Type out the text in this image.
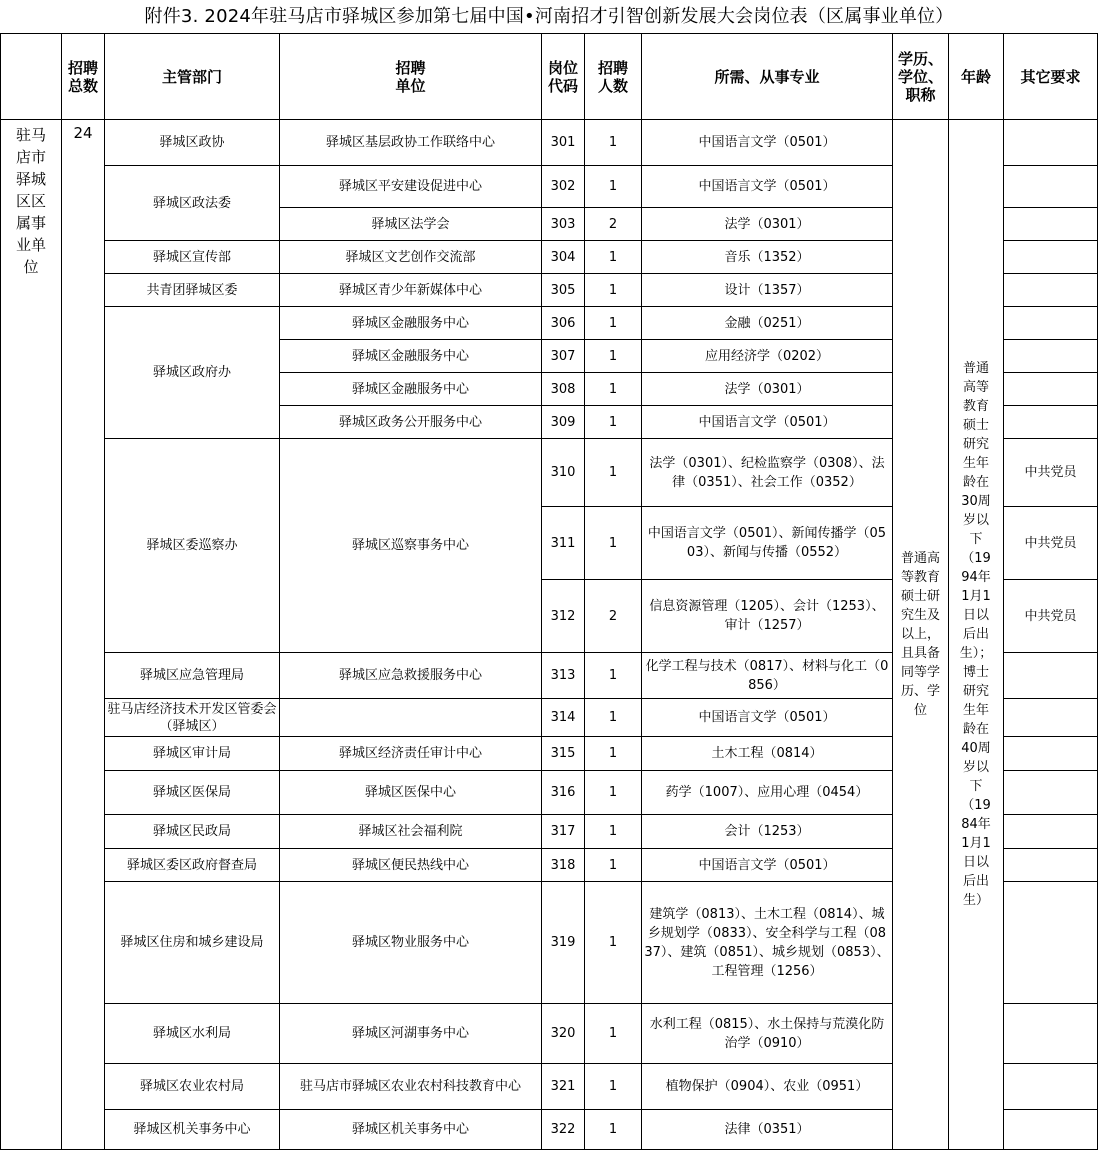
附件3. 2024年驻马店市驿城区参加第七届中国•河南招才引智创新发展大会岗位表（区属事业单位）
	招聘总数	主管部门	招聘单位	岗位代码	招聘人数	所需、从事专业	学历、学位、职称	年龄	其它要求
驻马店市驿城区区属事业单位	24	驿城区政协	驿城区基层政协工作联络中心	301	1	中国语言文学（0501）	普通高等教育硕士研究生及以上，且具备同等学历、学位	普通高等教育硕士研究生年龄在30周岁以下（1994年1月1日以后出生）；博士研究生年龄在40周岁以下（1984年1月1日以后出生）	
		驿城区政法委	驿城区平安建设促进中心	302	1	中国语言文学（0501）			
			驿城区法学会	303	2	法学（0301）			
		驿城区宣传部	驿城区文艺创作交流部	304	1	音乐（1352）			
		共青团驿城区委	驿城区青少年新媒体中心	305	1	设计（1357）			
		驿城区政府办	驿城区金融服务中心	306	1	金融（0251）			
			驿城区金融服务中心	307	1	应用经济学（0202）			
			驿城区金融服务中心	308	1	法学（0301）			
			驿城区政务公开服务中心	309	1	中国语言文学（0501）			
		驿城区委巡察办	驿城区巡察事务中心	310	1	法学（0301）、纪检监察学（0308）、法律（0351）、社会工作（0352）			中共党员
				311	1	中国语言文学（0501）、新闻传播学（0503）、新闻与传播（0552）			中共党员
				312	2	信息资源管理（1205）、会计（1253）、审计（1257）			中共党员
		驿城区应急管理局	驿城区应急救援服务中心	313	1	化学工程与技术（0817）、材料与化工（0856）			
		驻马店经济技术开发区管委会（驿城区）		314	1	中国语言文学（0501）			
		驿城区审计局	驿城区经济责任审计中心	315	1	土木工程（0814）			
		驿城区医保局	驿城区医保中心	316	1	药学（1007）、应用心理（0454）			
		驿城区民政局	驿城区社会福利院	317	1	会计（1253）			
		驿城区委区政府督查局	驿城区便民热线中心	318	1	中国语言文学（0501）			
		驿城区住房和城乡建设局	驿城区物业服务中心	319	1	建筑学（0813）、土木工程（0814）、城乡规划学（0833）、安全科学与工程（0837）、建筑（0851）、城乡规划（0853）、工程管理（1256）			
		驿城区水利局	驿城区河湖事务中心	320	1	水利工程（0815）、水土保持与荒漠化防治学（0910）			
		驿城区农业农村局	驻马店市驿城区农业农村科技教育中心	321	1	植物保护（0904）、农业（0951）			
		驿城区机关事务中心	驿城区机关事务中心	322	1	法律（0351）			
